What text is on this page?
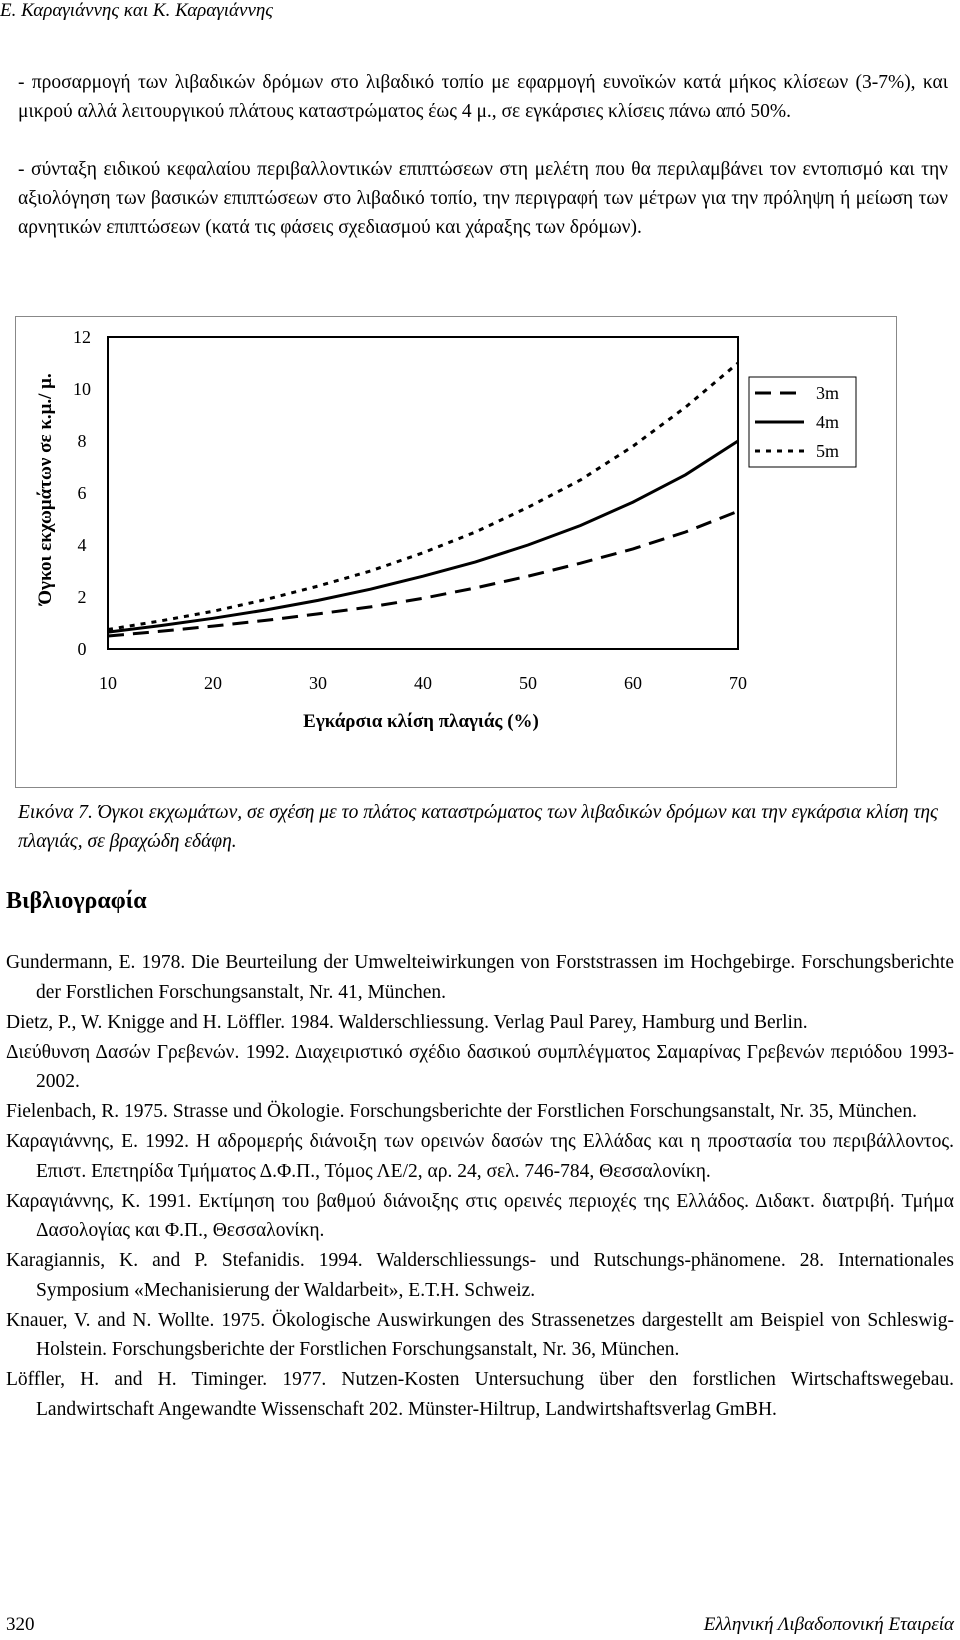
Ε. Καραγιάννης και Κ. Καραγιάννης
- προσαρμογή των λιβαδικών δρόμων στο λιβαδικό τοπίο με εφαρμογή ευνοϊκών κατά μήκος κλίσεων (3-7%), και μικρού αλλά λειτουργικού πλάτους καταστρώματος έως 4 μ., σε εγκάρσιες κλίσεις πάνω από 50%.
- σύνταξη ειδικού κεφαλαίου περιβαλλοντικών επιπτώσεων στη μελέτη που θα περιλαμβάνει τον εντοπισμό και την αξιολόγηση των βασικών επιπτώσεων στο λιβαδικό τοπίο, την περιγραφή των μέτρων για την πρόληψη ή μείωση των αρνητικών επιπτώσεων (κατά τις φάσεις σχεδιασμού και χάραξης των δρόμων).
0
2
4
6
8
10
12
10	20	30	40	50	60	70
3m
4m
5m
Όγκοι εκχωμάτων σε κ.μ./ μ.
Εγκάρσια κλίση πλαγιάς (%)
Εικόνα 7. Όγκοι εκχωμάτων, σε σχέση με το πλάτος καταστρώματος των λιβαδικών δρόμων και την εγκάρσια κλίση της πλαγιάς, σε βραχώδη εδάφη.
Βιβλιογραφία

Gundermann, E. 1978. Die Beurteilung der Umwelteiwirkungen von Forststrassen im Hochgebirge. Forschungsberichte der Forstlichen Forschungsanstalt, Nr. 41, München.

Dietz, P., W. Knigge and H. Löffler. 1984. Walderschliessung. Verlag Paul Parey, Hamburg und Berlin.

Διεύθυνση Δασών Γρεβενών. 1992. Διαχειριστικό σχέδιο δασικού συμπλέγματος Σαμαρίνας Γρεβενών περιόδου 1993-2002.

Fielenbach, R. 1975. Strasse und Ökologie. Forschungsberichte der Forstlichen Forschungsanstalt, Nr. 35, München.

Καραγιάννης, Ε. 1992. Η αδρομερής διάνοιξη των ορεινών δασών της Ελλάδας και η προστασία του περιβάλλοντος. Επιστ. Επετηρίδα Τμήματος Δ.Φ.Π., Τόμος ΛΕ/2, αρ. 24, σελ. 746-784, Θεσσαλονίκη.

Καραγιάννης, Κ. 1991. Εκτίμηση του βαθμού διάνοιξης στις ορεινές περιοχές της Ελλάδος. Διδακτ. διατριβή. Τμήμα Δασολογίας και Φ.Π., Θεσσαλονίκη.

Karagiannis, K. and P. Stefanidis. 1994. Walderschliessungs- und Rutschungs-phänomene. 28. Internationales Symposium «Mechanisierung der Waldarbeit», E.T.H. Schweiz.

Knauer, V. and N. Wollte. 1975. Ökologische Auswirkungen des Strassenetzes dargestellt am Beispiel von Schleswig-Holstein. Forschungsberichte der Forstlichen Forschungsanstalt, Nr. 36, München.

Löffler, H. and H. Timinger. 1977. Nutzen-Kosten Untersuchung über den forstlichen Wirtschaftswegebau. Landwirtschaft Angewandte Wissenschaft 202. Münster-Hiltrup, Landwirtshaftsverlag GmBH.

320	Ελληνική Λιβαδοπονική Εταιρεία
